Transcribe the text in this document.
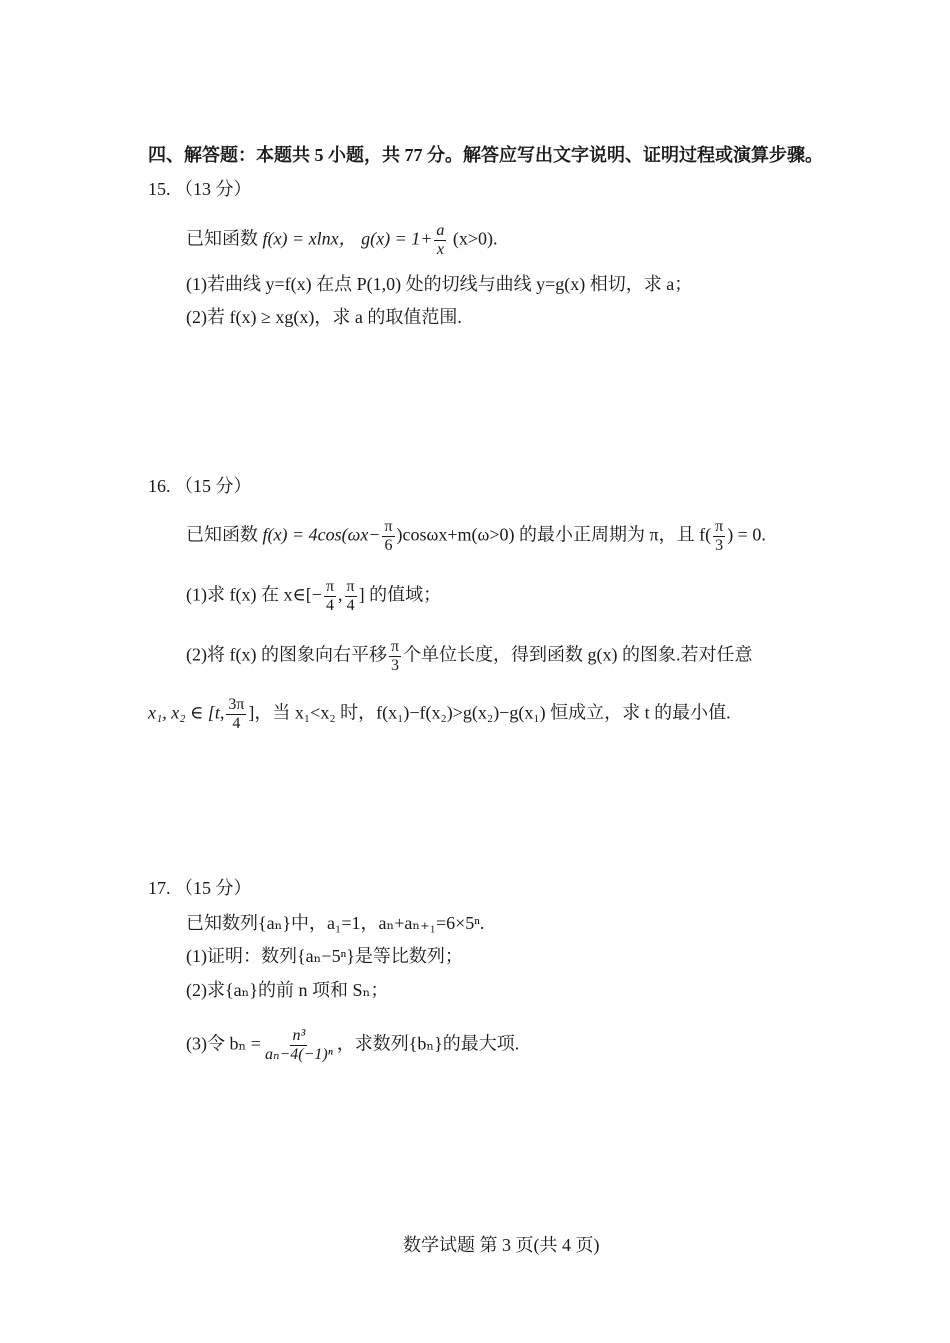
四、解答题：本题共 5 小题，共 77 分。解答应写出文字说明、证明过程或演算步骤。
15. （13 分）
已知函数 f(x) = xlnx， $g(x) = 1+ \frac{a}{x} (x>0)$.
(1)若曲线 y=f(x) 在点 P(1,0) 处的切线与曲线 y=g(x) 相切，求 a；
(2)若 f(x) ≥ xg(x)，求 a 的取值范围.
16. （15 分）
已知函数 $f(x) = 4\cos(\omega x- \frac{\pi}{6} )\cos\omega x+m(\omega>0)$ 的最小正周期为 π，且 $f( \frac{\pi}{3}$ ) = 0.
(1)求 f(x) 在 x∈[− $\frac{\pi}{4}$ , $\frac{\pi}{4}$ ] 的值域；
(2)将 f(x) 的图象向右平移 $\frac{\pi}{3}$ 个单位长度，得到函数 g(x) 的图象.若对任意
x₁, x₂ ∈ [t, $\frac{3\pi}{4}$ ]，当 x₁<x₂ 时，f(x₁)−f(x₂)>g(x₂)−g(x₁) 恒成立，求 t 的最小值.
17. （15 分）
已知数列{aₙ}中，a₁=1，aₙ+aₙ₊₁=6×5ⁿ.
(1)证明：数列{aₙ−5ⁿ}是等比数列；
(2)求{aₙ}的前 n 项和 Sₙ；
(3)令 $b_n = \frac{\text{n³}}{\text{aₙ−4(−1)ⁿ}}$ ，求数列{bₙ}的最大项.
数学试题 第 3 页(共 4 页)
